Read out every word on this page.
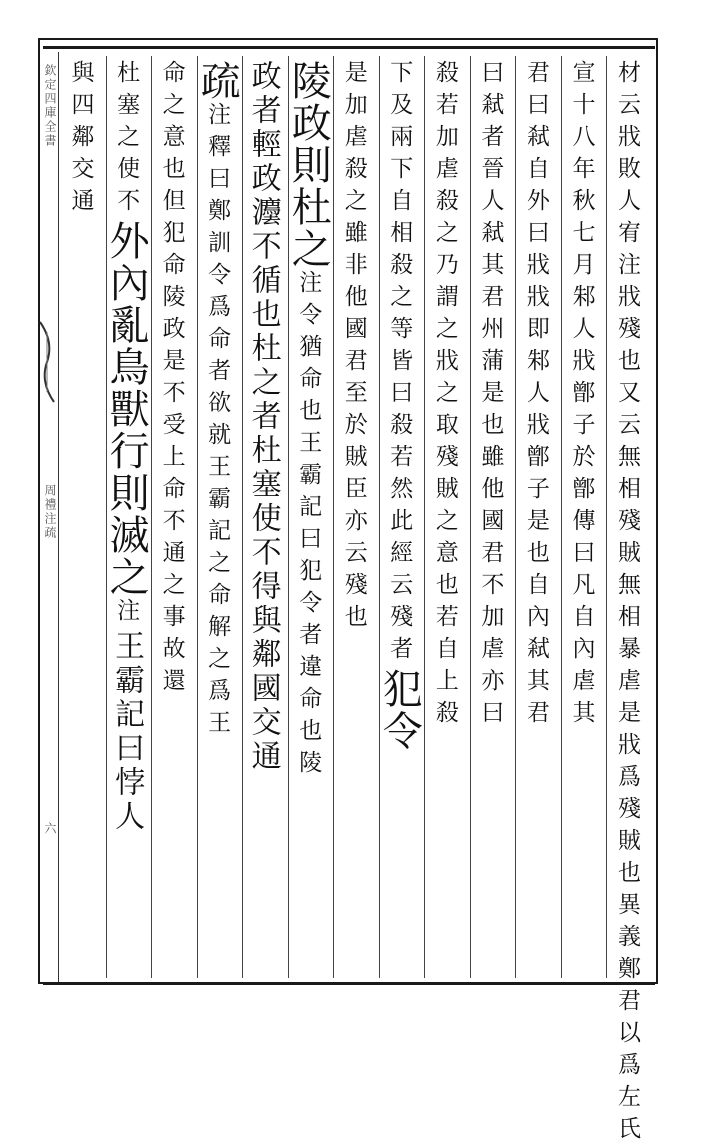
欽定四庫全書
周禮注疏
六	材云戕敗人宥注戕殘也又云無相殘賊無相暴虐是戕爲殘賊也異義鄭君以爲左氏
宣十八年秋七月邾人戕鄫子於鄫傳曰凡自內虐其
君曰弒自外曰戕戕即邾人戕鄫子是也自內弒其君
曰弒者晉人弒其君州蒲是也雖他國君不加虐亦曰
殺若加虐殺之乃謂之戕之取殘賊之意也若自上殺
下及兩下自相殺之等皆曰殺若然此經云殘者犯令
是加虐殺之雖非他國君至於賊臣亦云殘也
陵政則杜之注令猶命也王霸記曰犯令者違命也陵
政者輕政灋不循也杜之者杜塞使不得與鄰國交通
疏注釋曰鄭訓令爲命者欲就王霸記之命解之爲王
命之意也但犯命陵政是不受上命不通之事故還
杜塞之使不外內亂鳥獸行則滅之注王霸記曰悖人
與四鄰交通
